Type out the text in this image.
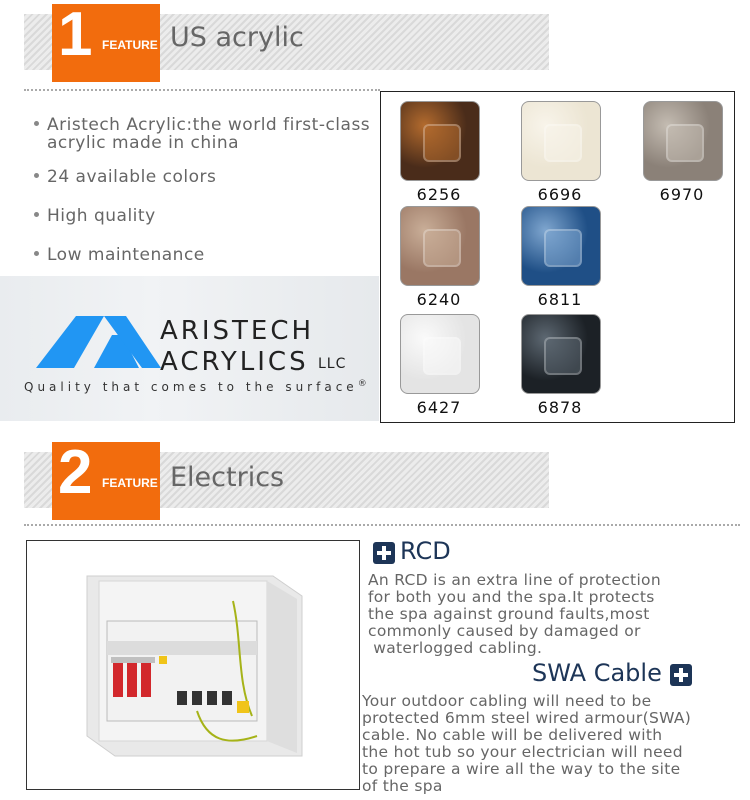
1 FEATURE US acrylic
Aristech Acrylic:the world first-class
acrylic made in china
24 available colors
High quality
Low maintenance
ARISTECH
ACRYLICS LLC
Quality that comes to the surface®
6256	6696	6970
6240	6811
6427	6878
2 FEATURE Electrics
RCD
An RCD is an extra line of protection
for both you and the spa.It protects
the spa against ground faults,most
commonly caused by damaged or
waterlogged cabling.
SWA Cable
Your outdoor cabling will need to be
protected 6mm steel wired armour(SWA)
cable. No cable will be delivered with
the hot tub so your electrician will need
to prepare a wire all the way to the site
of the spa
